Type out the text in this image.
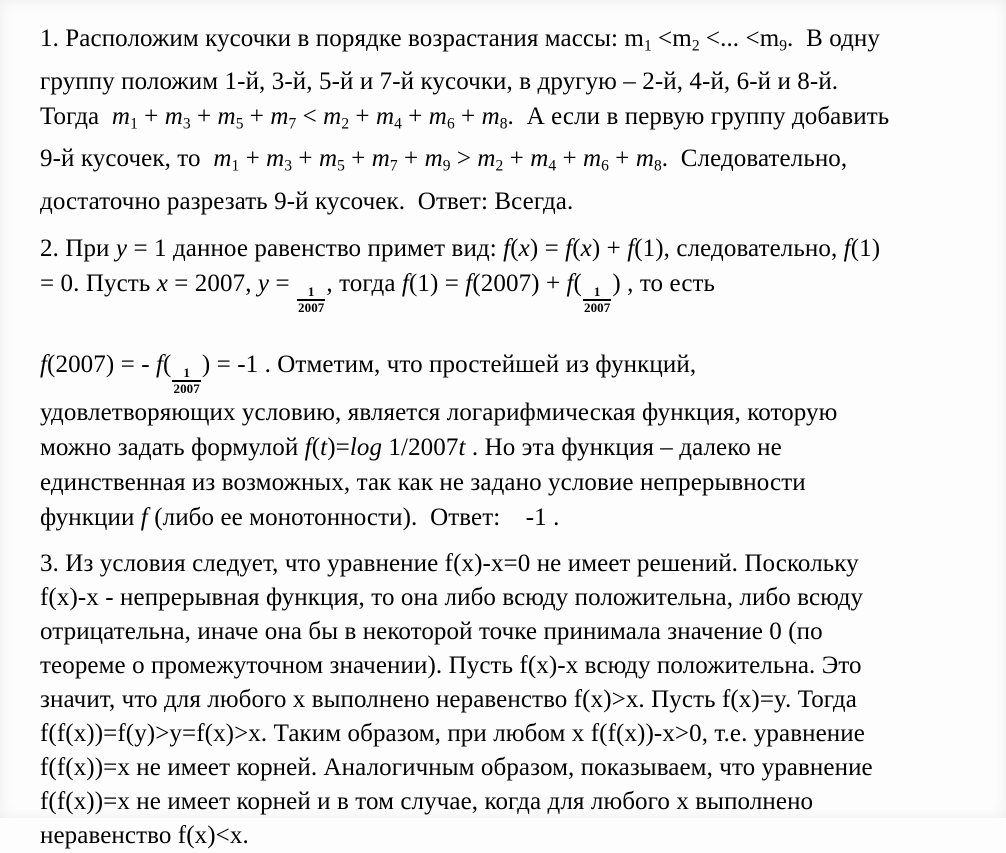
1. Расположим кусочки в порядке возрастания массы: m1 <m2 <... <m9.  В одну
группу положим 1-й, 3-й, 5-й и 7-й кусочки, в другую – 2-й, 4-й, 6-й и 8-й.
Тогда  m1 + m3 + m5 + m7 < m2 + m4 + m6 + m8.  А если в первую группу добавить
9-й кусочек, то  m1 + m3 + m5 + m7 + m9 > m2 + m4 + m6 + m8.  Следовательно,
достаточно разрезать 9-й кусочек.  Ответ: Всегда.
2. При y = 1 данное равенство примет вид: f(x) = f(x) + f(1), следовательно, f(1)
= 0. Пусть x = 2007, y =
$\frac{1}{2007}$
, тогда f(1) = f(2007) + f(
$\frac{1}{2007}$
) , то есть
f(2007) = - f(
$\frac{1}{2007}$
) = -1 . Отметим, что простейшей из функций,
удовлетворяющих условию, является логарифмическая функция, которую
можно задать формулой f(t)=log 1/2007t . Но эта функция – далеко не
единственная из возможных, так как не задано условие непрерывности
функции f (либо ее монотонности).  Ответ:    -1 .
3. Из условия следует, что уравнение f(x)-x=0 не имеет решений. Поскольку
f(x)-x - непрерывная функция, то она либо всюду положительна, либо всюду
отрицательна, иначе она бы в некоторой точке принимала значение 0 (по
теореме о промежуточном значении). Пусть f(x)-x всюду положительна. Это
значит, что для любого x выполнено неравенство f(x)>x. Пусть f(x)=y. Тогда
f(f(x))=f(y)>y=f(x)>x. Таким образом, при любом x f(f(x))-x>0, т.е. уравнение
f(f(x))=x не имеет корней. Аналогичным образом, показываем, что уравнение
f(f(x))=x не имеет корней и в том случае, когда для любого x выполнено
неравенство f(x)<x.
